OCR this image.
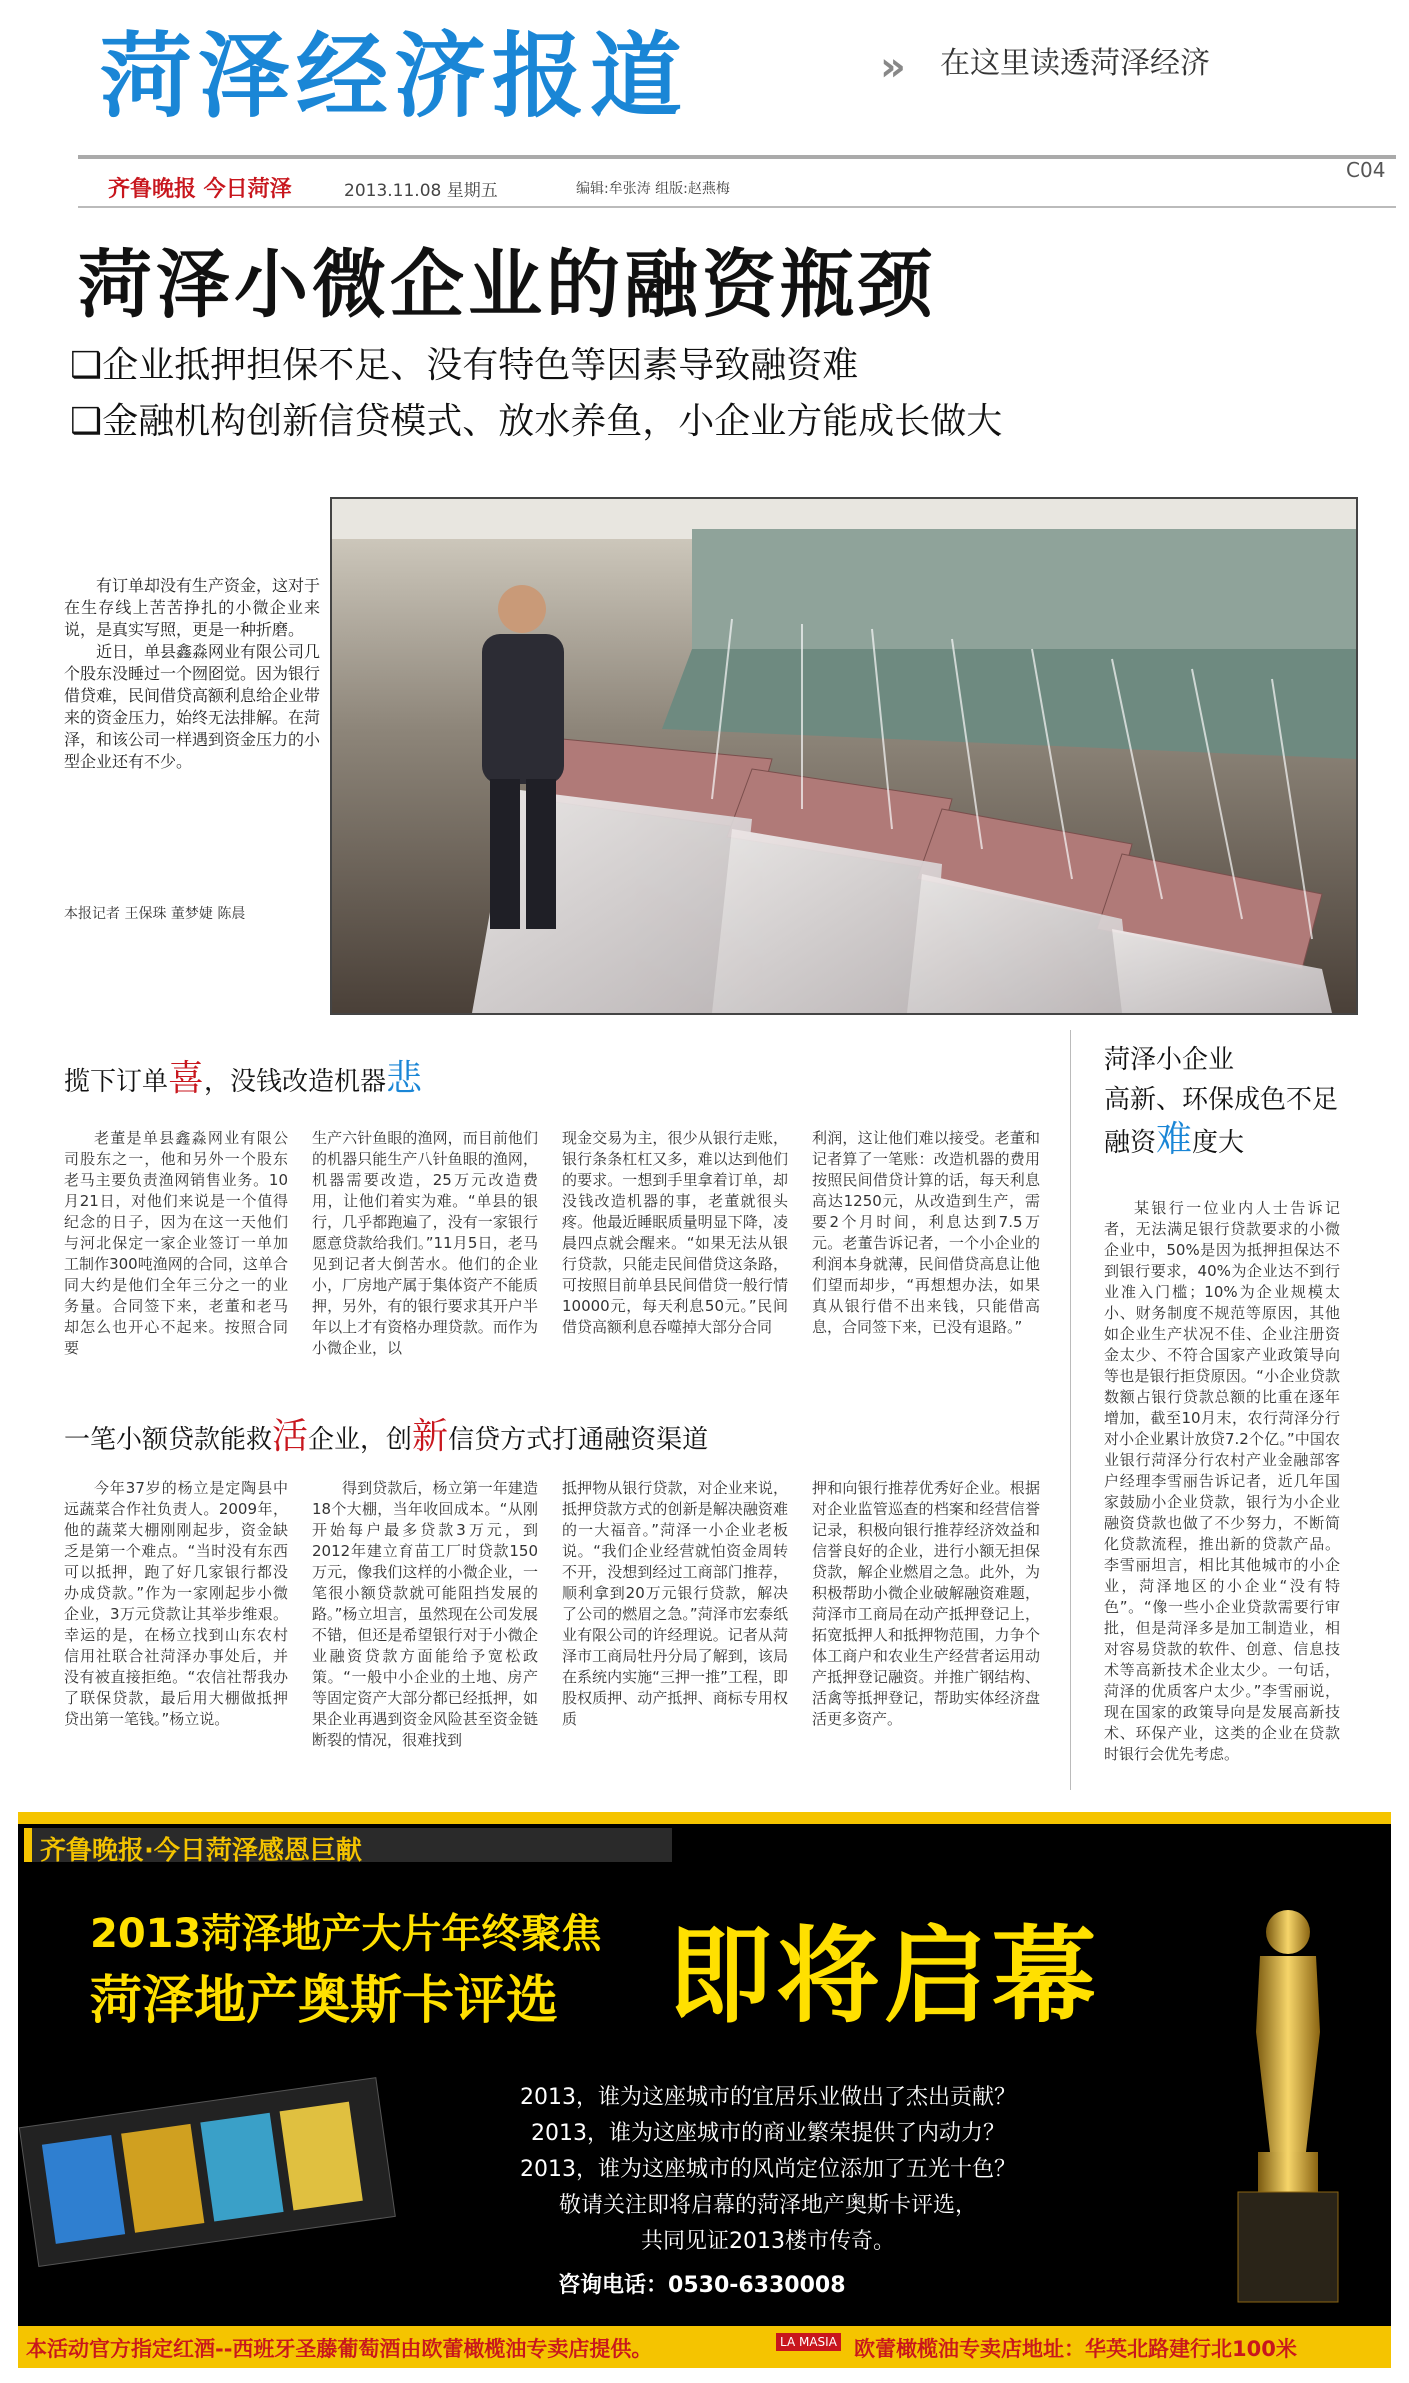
菏泽经济报道	» 在这里读透菏泽经济
齐鲁晚报 今日菏泽	2013.11.08 星期五	编辑:牟张涛 组版:赵燕梅
C04
菏泽小微企业的融资瓶颈
❑企业抵押担保不足、没有特色等因素导致融资难
❑金融机构创新信贷模式、放水养鱼，小企业方能成长做大
有订单却没有生产资金，这对于在生存线上苦苦挣扎的小微企业来说，是真实写照，更是一种折磨。
近日，单县鑫淼网业有限公司几个股东没睡过一个囫囵觉。因为银行借贷难，民间借贷高额利息给企业带来的资金压力，始终无法排解。在菏泽，和该公司一样遇到资金压力的小型企业还有不少。
本报记者 王保珠 董梦婕 陈晨
揽下订单喜，没钱改造机器悲

老董是单县鑫淼网业有限公司股东之一，他和另外一个股东老马主要负责渔网销售业务。10月21日，对他们来说是一个值得纪念的日子，因为在这一天他们与河北保定一家企业签订一单加工制作300吨渔网的合同，这单合同大约是他们全年三分之一的业务量。合同签下来，老董和老马却怎么也开心不起来。按照合同要

生产六针鱼眼的渔网，而目前他们的机器只能生产八针鱼眼的渔网，机器需要改造，25万元改造费用，让他们着实为难。“单县的银行，几乎都跑遍了，没有一家银行愿意贷款给我们。”11月5日，老马见到记者大倒苦水。他们的企业小，厂房地产属于集体资产不能质押，另外，有的银行要求其开户半年以上才有资格办理贷款。而作为小微企业，以

现金交易为主，很少从银行走账，银行条条杠杠又多，难以达到他们的要求。一想到手里拿着订单，却没钱改造机器的事，老董就很头疼。他最近睡眠质量明显下降，凌晨四点就会醒来。“如果无法从银行贷款，只能走民间借贷这条路，可按照目前单县民间借贷一般行情10000元，每天利息50元。”民间借贷高额利息吞噬掉大部分合同

利润，这让他们难以接受。老董和记者算了一笔账：改造机器的费用按照民间借贷计算的话，每天利息高达1250元，从改造到生产，需要2个月时间，利息达到7.5万元。老董告诉记者，一个小企业的利润本身就薄，民间借贷高息让他们望而却步，“再想想办法，如果真从银行借不出来钱，只能借高息，合同签下来，已没有退路。”

一笔小额贷款能救活企业，创新信贷方式打通融资渠道

今年37岁的杨立是定陶县中远蔬菜合作社负责人。2009年，他的蔬菜大棚刚刚起步，资金缺乏是第一个难点。“当时没有东西可以抵押，跑了好几家银行都没办成贷款。”作为一家刚起步小微企业，3万元贷款让其举步维艰。幸运的是，在杨立找到山东农村信用社联合社菏泽办事处后，并没有被直接拒绝。“农信社帮我办了联保贷款，最后用大棚做抵押贷出第一笔钱。”杨立说。

得到贷款后，杨立第一年建造18个大棚，当年收回成本。“从刚开始每户最多贷款3万元，到2012年建立育苗工厂时贷款150万元，像我们这样的小微企业，一笔很小额贷款就可能阻挡发展的路。”杨立坦言，虽然现在公司发展不错，但还是希望银行对于小微企业融资贷款方面能给予宽松政策。“一般中小企业的土地、房产等固定资产大部分都已经抵押，如果企业再遇到资金风险甚至资金链断裂的情况，很难找到

抵押物从银行贷款，对企业来说，抵押贷款方式的创新是解决融资难的一大福音。”菏泽一小企业老板说。“我们企业经营就怕资金周转不开，没想到经过工商部门推荐，顺利拿到20万元银行贷款，解决了公司的燃眉之急。”菏泽市宏泰纸业有限公司的许经理说。记者从菏泽市工商局牡丹分局了解到，该局在系统内实施“三押一推”工程，即股权质押、动产抵押、商标专用权质

押和向银行推荐优秀好企业。根据对企业监管巡查的档案和经营信誉记录，积极向银行推荐经济效益和信誉良好的企业，进行小额无担保贷款，解企业燃眉之急。此外，为积极帮助小微企业破解融资难题，菏泽市工商局在动产抵押登记上，拓宽抵押人和抵押物范围，力争个体工商户和农业生产经营者运用动产抵押登记融资。并推广钢结构、活禽等抵押登记，帮助实体经济盘活更多资产。

菏泽小企业
高新、环保成色不足
融资难度大

某银行一位业内人士告诉记者，无法满足银行贷款要求的小微企业中，50%是因为抵押担保达不到银行要求，40%为企业达不到行业准入门槛；10%为企业规模太小、财务制度不规范等原因，其他如企业生产状况不佳、企业注册资金太少、不符合国家产业政策导向等也是银行拒贷原因。“小企业贷款数额占银行贷款总额的比重在逐年增加，截至10月末，农行菏泽分行对小企业累计放贷7.2个亿。”中国农业银行菏泽分行农村产业金融部客户经理李雪丽告诉记者，近几年国家鼓励小企业贷款，银行为小企业融资贷款也做了不少努力，不断简化贷款流程，推出新的贷款产品。李雪丽坦言，相比其他城市的小企业，菏泽地区的小企业“没有特色”。“像一些小企业贷款需要行审批，但是菏泽多是加工制造业，相对容易贷款的软件、创意、信息技术等高新技术企业太少。一句话，菏泽的优质客户太少。”李雪丽说，现在国家的政策导向是发展高新技术、环保产业，这类的企业在贷款时银行会优先考虑。

齐鲁晚报·今日菏泽感恩巨献
2013菏泽地产大片年终聚焦
菏泽地产奥斯卡评选 即将启幕
2013，谁为这座城市的宜居乐业做出了杰出贡献？
2013，谁为这座城市的商业繁荣提供了内动力？
2013，谁为这座城市的风尚定位添加了五光十色？
敬请关注即将启幕的菏泽地产奥斯卡评选，
共同见证2013楼市传奇。
咨询电话：0530-6330008
本活动官方指定红酒--西班牙圣藤葡萄酒由欧蕾橄榄油专卖店提供。	LA MASIA 欧蕾橄榄油专卖店地址：华英北路建行北100米
